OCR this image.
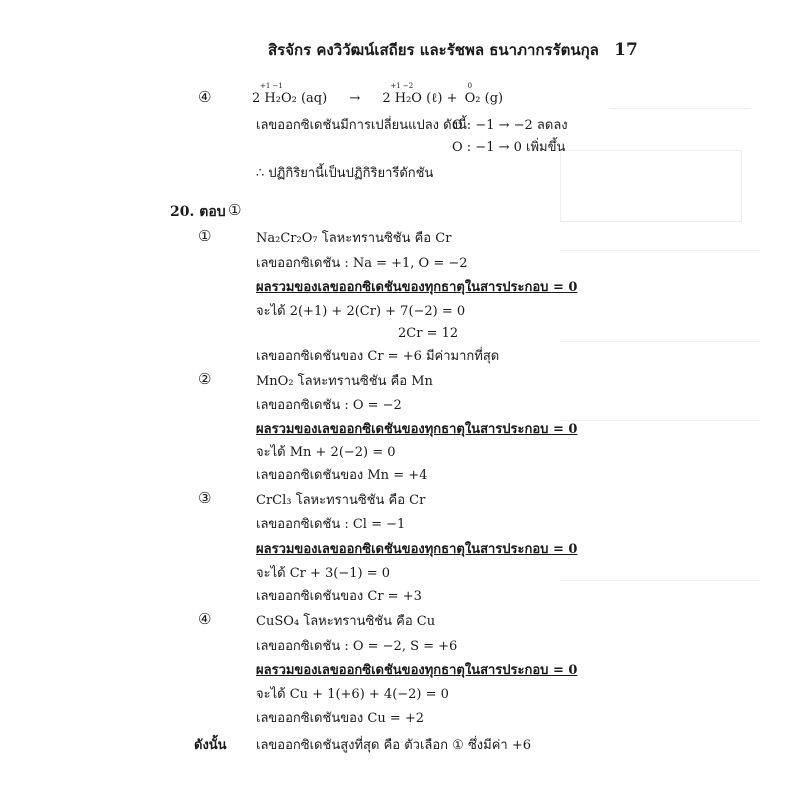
สิรจักร คงวิวัฒน์เสถียร และรัชพล ธนาภากรรัตนกุล 17
④
+1 −1
2 H₂O₂ (aq) →
+1 −2
2 H₂O (ℓ) +
0
O₂ (g)
เลขออกซิเดชันมีการเปลี่ยนแปลง ดังนี้
O : −1 → −2 ลดลง
O : −1 → 0 เพิ่มขึ้น
∴ ปฏิกิริยานี้เป็นปฏิกิริยารีดักชัน
20. ตอบ ①
①	Na₂Cr₂O₇ โลหะทรานซิชัน คือ Cr
เลขออกซิเดชัน : Na = +1, O = −2
ผลรวมของเลขออกซิเดชันของทุกธาตุในสารประกอบ = 0
จะได้ 2(+1) + 2(Cr) + 7(−2) = 0
2Cr = 12
เลขออกซิเดชันของ Cr = +6 มีค่ามากที่สุด
②	MnO₂ โลหะทรานซิชัน คือ Mn
เลขออกซิเดชัน : O = −2
ผลรวมของเลขออกซิเดชันของทุกธาตุในสารประกอบ = 0
จะได้ Mn + 2(−2) = 0
เลขออกซิเดชันของ Mn = +4
③	CrCl₃ โลหะทรานซิชัน คือ Cr
เลขออกซิเดชัน : Cl = −1
ผลรวมของเลขออกซิเดชันของทุกธาตุในสารประกอบ = 0
จะได้ Cr + 3(−1) = 0
เลขออกซิเดชันของ Cr = +3
④	CuSO₄ โลหะทรานซิชัน คือ Cu
เลขออกซิเดชัน : O = −2, S = +6
ผลรวมของเลขออกซิเดชันของทุกธาตุในสารประกอบ = 0
จะได้ Cu + 1(+6) + 4(−2) = 0
เลขออกซิเดชันของ Cu = +2
ดังนั้น เลขออกซิเดชันสูงที่สุด คือ ตัวเลือก ① ซึ่งมีค่า +6
